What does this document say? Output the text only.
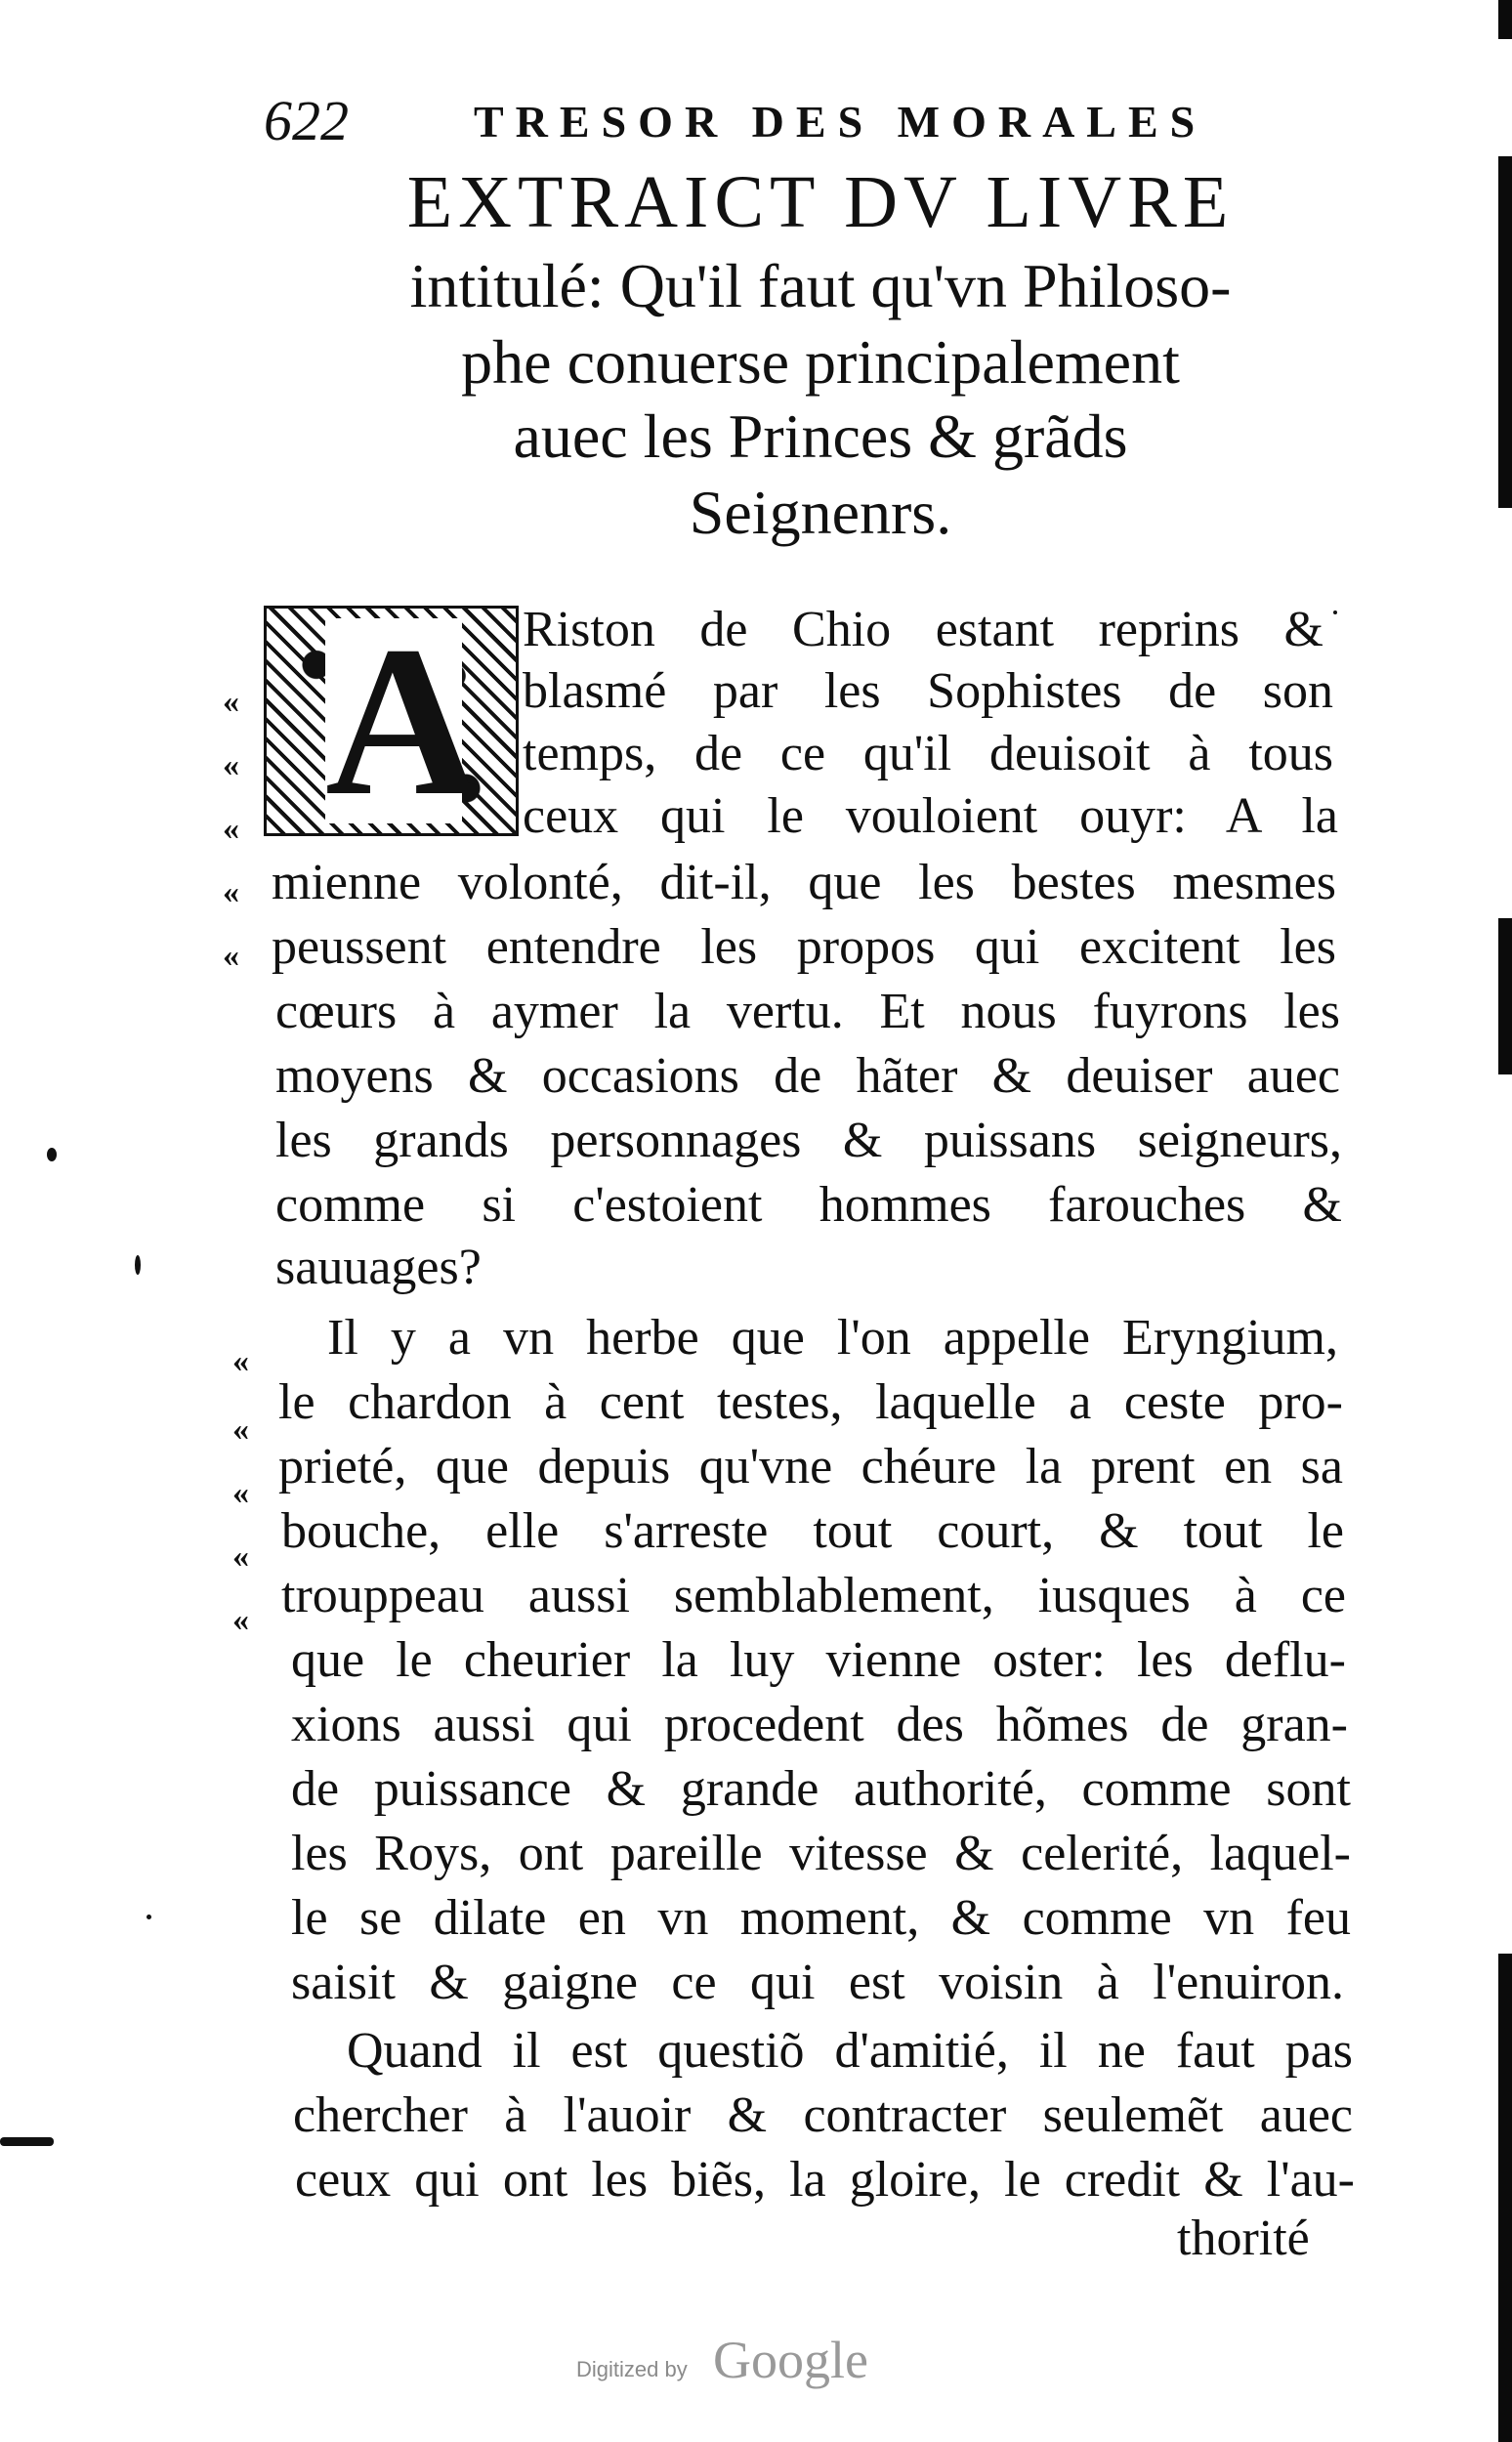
622	TRESOR DES MORALES
EXTRAICT DV LIVRE
intitulé: Qu'il faut qu'vn Philoso-
phe conuerse principalement
auec les Princes & grãds
Seignenrs.
A Riston de Chio estant reprins &
blasmé par les Sophistes de son
temps, de ce qu'il deuisoit à tous
ceux qui le vouloient ouyr: A la
mienne volonté, dit-il, que les bestes mesmes
peussent entendre les propos qui excitent les
cœurs à aymer la vertu. Et nous fuyrons les
moyens & occasions de hãter & deuiser auec
les grands personnages & puissans seigneurs,
comme si c'estoient hommes farouches &
sauuages?
Il y a vn herbe que l'on appelle Eryngium,
le chardon à cent testes, laquelle a ceste pro-
prieté, que depuis qu'vne chéure la prent en sa
bouche, elle s'arreste tout court, & tout le
trouppeau aussi semblablement, iusques à ce
que le cheurier la luy vienne oster: les deflu-
xions aussi qui procedent des hõmes de gran-
de puissance & grande authorité, comme sont
les Roys, ont pareille vitesse & celerité, laquel-
le se dilate en vn moment, & comme vn feu
saisit & gaigne ce qui est voisin à l'enuiron.
Quand il est questiõ d'amitié, il ne faut pas
chercher à l'auoir & contracter seulemẽt auec
ceux qui ont les biẽs, la gloire, le credit & l'au-
thorité
«
«
«
«
«
«
«
«
«
«
Digitized by Google
